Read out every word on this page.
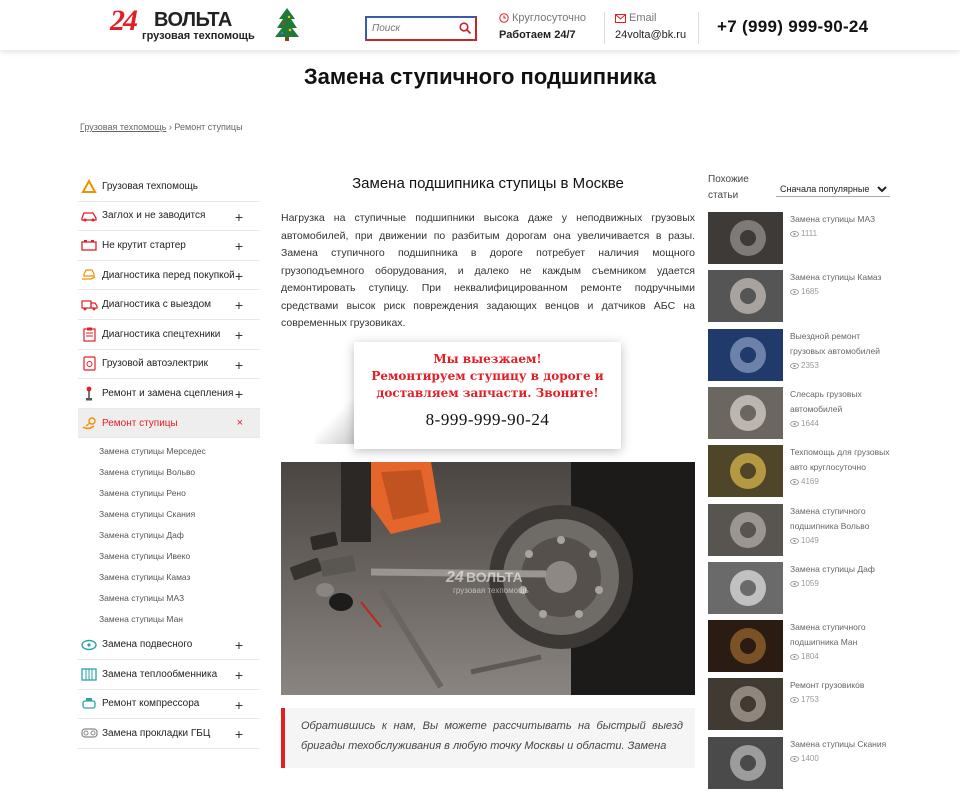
24 ВОЛЬТА
грузовая техпомощь
Поиск
Круглосуточно
Работаем 24/7
Email
24volta@bk.ru +7 (999) 999-90-24
Замена ступичного подшипника
Грузовая техпомощь › Ремонт ступицы
Грузовая техпомощь
Заглох и не заводится +
Не крутит стартер	+
Диагностика перед покупкой +
Диагностика с выездом +
Диагностика спецтехники +
Грузовой автоэлектрик +
Ремонт и замена сцепления +
Ремонт ступицы	×
Замена ступицы Мерседес
Замена ступицы Вольво
Замена ступицы Рено
Замена ступицы Скания
Замена ступицы Даф
Замена ступицы Ивеко
Замена ступицы Камаз
Замена ступицы МАЗ
Замена ступицы Ман
Замена подвесного	+
Замена теплообменника +
Ремонт компрессора	+
Замена прокладки ГБЦ +
Замена подшипника ступицы в Москве

Нагрузка на ступичные подшипники высока даже у неподвижных грузовых автомобилей, при движении по разбитым дорогам она увеличивается в разы. Замена ступичного подшипника в дороге потребует наличия мощного грузоподъемного оборудования, и далеко не каждым съемником удается демонтировать ступицу. При неквалифицированном ремонте подручными средствами высок риск повреждения задающих венцов и датчиков АБС на современных грузовиках.

Мы выезжаем!
Ремонтируем ступицу в дороге и
доставляем запчасти. Звоните!
8-999-999-90-24
24 ВОЛЬТА
грузовая техпомощь
Обратившись к нам, Вы можете рассчитывать на быстрый выезд бригады техобслуживания в любую точку Москвы и области. Замена
Похожие
статьи
Сначала популярные
Замена ступицы МАЗ
1111
Замена ступицы Камаз
1685
Выездной ремонт грузовых автомобилей
2353
Слесарь грузовых автомобилей
1644
Техпомощь для грузовых авто круглосуточно
4169
Замена ступичного подшипника Вольво
1049
Замена ступицы Даф
1059
Замена ступичного подшипника Ман
1804
Ремонт грузовиков
1753
Замена ступицы Скания
1400
